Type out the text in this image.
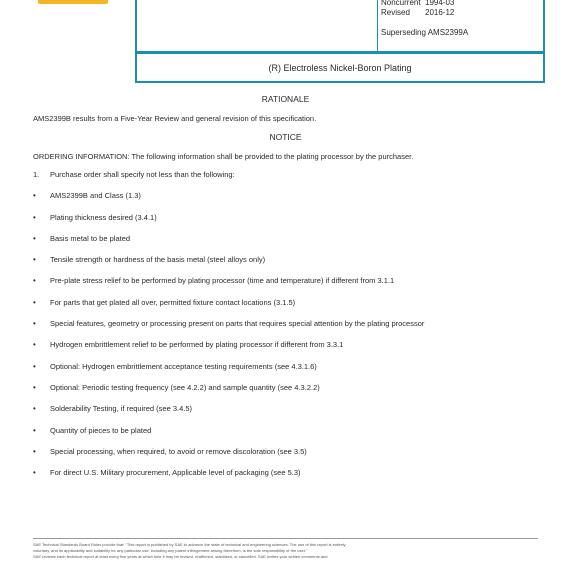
Noncurrent 1994-03
Revised	2016-12
Superseding AMS2399A
(R) Electroless Nickel-Boron Plating
RATIONALE
AMS2399B results from a Five-Year Review and general revision of this specification.
NOTICE
ORDERING INFORMATION: The following information shall be provided to the plating processor by the purchaser.
1.	Purchase order shall specify not less than the following:
•
AMS2399B and Class (1.3)
•
Plating thickness desired (3.4.1)
•
Basis metal to be plated
•
Tensile strength or hardness of the basis metal (steel alloys only)
•
Pre-plate stress relief to be performed by plating processor (time and temperature) if different from 3.1.1
•
For parts that get plated all over, permitted fixture contact locations (3.1.5)
•
Special features, geometry or processing present on parts that requires special attention by the plating processor
•
Hydrogen embrittlement relief to be performed by plating processor if different from 3.3.1
•
Optional: Hydrogen embrittlement acceptance testing requirements (see 4.3.1.6)
•
Optional: Periodic testing frequency (see 4.2.2) and sample quantity (see 4.3.2.2)
•
Solderability Testing, if required (see 3.4.5)
•
Quantity of pieces to be plated
•
Special processing, when required, to avoid or remove discoloration (see 3.5)
•
For direct U.S. Military procurement, Applicable level of packaging (see 5.3)

SAE Technical Standards Board Rules provide that: "This report is published by SAE to advance the state of technical and engineering sciences. The use of this report is entirely

voluntary, and its applicability and suitability for any particular use, including any patent infringement arising therefrom, is the sole responsibility of the user."

SAE reviews each technical report at least every five years at which time it may be revised, reaffirmed, stabilized, or cancelled. SAE invites your written comments and
